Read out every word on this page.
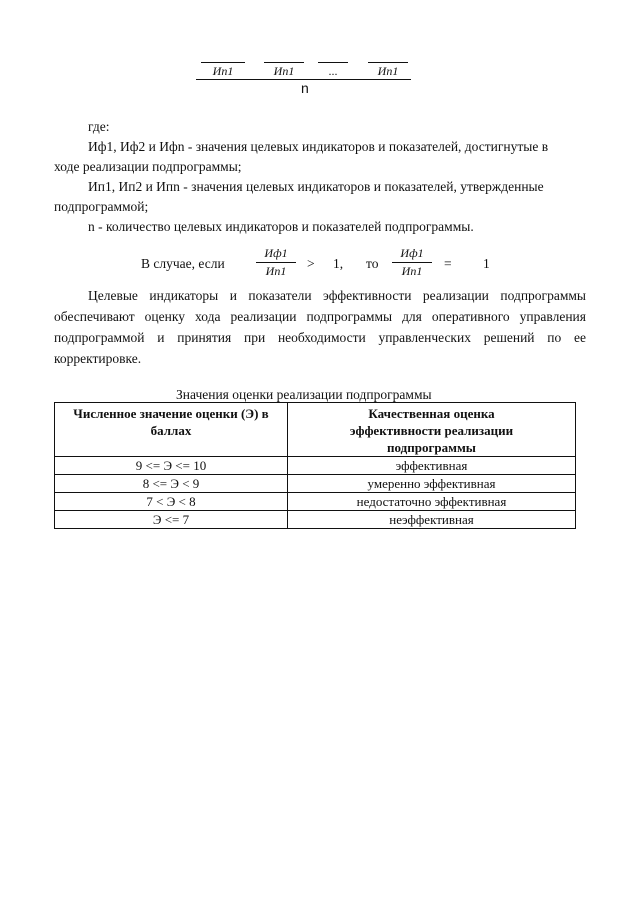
Ип1	Ип1	...	Ип1
n
где:
Иф1, Иф2 и Ифn - значения целевых индикаторов и показателей, достигнутые в
ходе реализации подпрограммы;
Ип1, Ип2 и Ипn - значения целевых индикаторов и показателей, утвержденные
подпрограммой;
n - количество целевых индикаторов и показателей подпрограммы.
В случае, если
Иф1
Ип1	> 1, то
Иф1
Ип1	= 1
Целевые индикаторы и показатели эффективности реализации подпрограммы обеспечивают оценку хода реализации подпрограммы для оперативного управления подпрограммой и принятия при необходимости управленческих решений по ее корректировке.
Значения оценки реализации подпрограммы
Численное значение оценки (Э) в баллах	Качественная оценка эффективности реализации подпрограммы
9 <= Э <= 10	эффективная
8 <= Э < 9	умеренно эффективная
7 < Э < 8	недостаточно эффективная
Э <= 7	неэффективная
